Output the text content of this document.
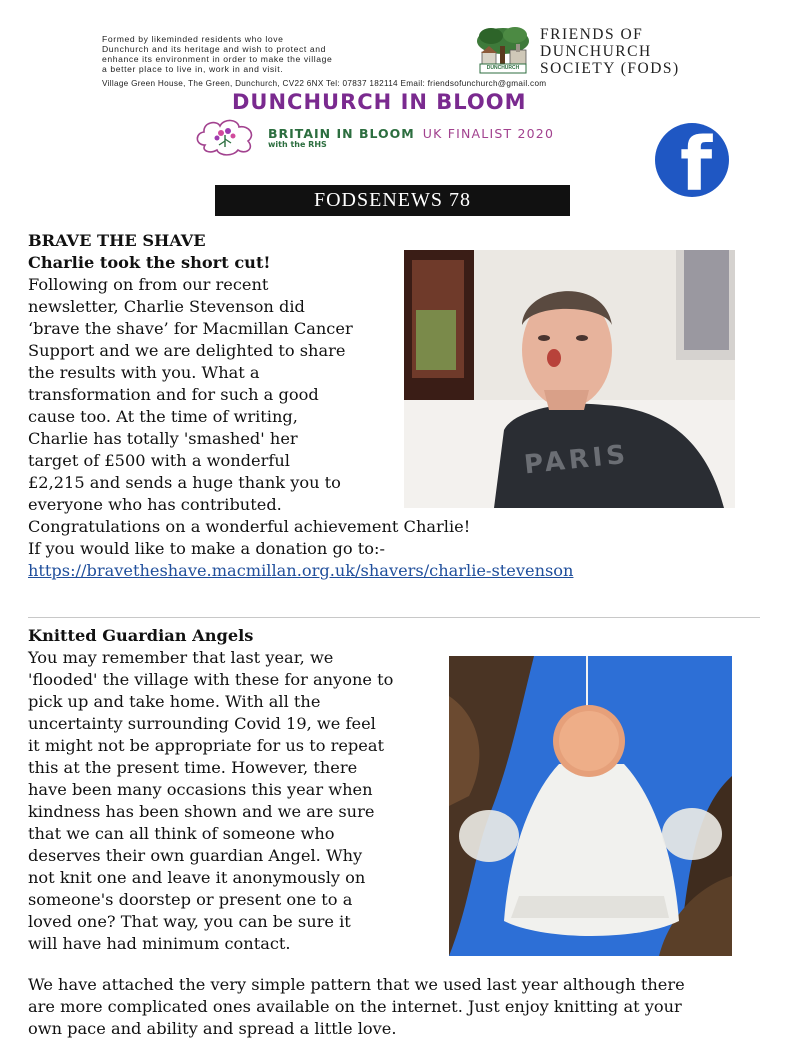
Formed by likeminded residents who love
Dunchurch and its heritage and wish to protect and
enhance its environment in order to make the village
a better place to live in, work in and visit.	DUNCHURCH
FRIENDS OF
DUNCHURCH
SOCIETY (FODS)
Village Green House, The Green, Dunchurch, CV22 6NX Tel: 07837 182114 Email: friendsofunchurch@gmail.com
DUNCHURCH IN BLOOM
BRITAIN IN BLOOM UK FINALIST 2020
with the RHS	f
FODSENEWS 78
BRAVE THE SHAVE
Charlie took the short cut!
Following on from our recent
newsletter, Charlie Stevenson did
‘brave the shave’ for Macmillan Cancer
Support and we are delighted to share
the results with you. What a
transformation and for such a good
cause too. At the time of writing,
Charlie has totally 'smashed' her
target of £500 with a wonderful
£2,215 and sends a huge thank you to
everyone who has contributed.
Congratulations on a wonderful achievement Charlie!
If you would like to make a donation go to:-
https://bravetheshave.macmillan.org.uk/shavers/charlie-stevenson
PARIS
Knitted Guardian Angels
You may remember that last year, we
'flooded' the village with these for anyone to
pick up and take home. With all the
uncertainty surrounding Covid 19, we feel
it might not be appropriate for us to repeat
this at the present time. However, there
have been many occasions this year when
kindness has been shown and we are sure
that we can all think of someone who
deserves their own guardian Angel. Why
not knit one and leave it anonymously on
someone's doorstep or present one to a
loved one? That way, you can be sure it
will have had minimum contact.
We have attached the very simple pattern that we used last year although there
are more complicated ones available on the internet. Just enjoy knitting at your
own pace and ability and spread a little love.
